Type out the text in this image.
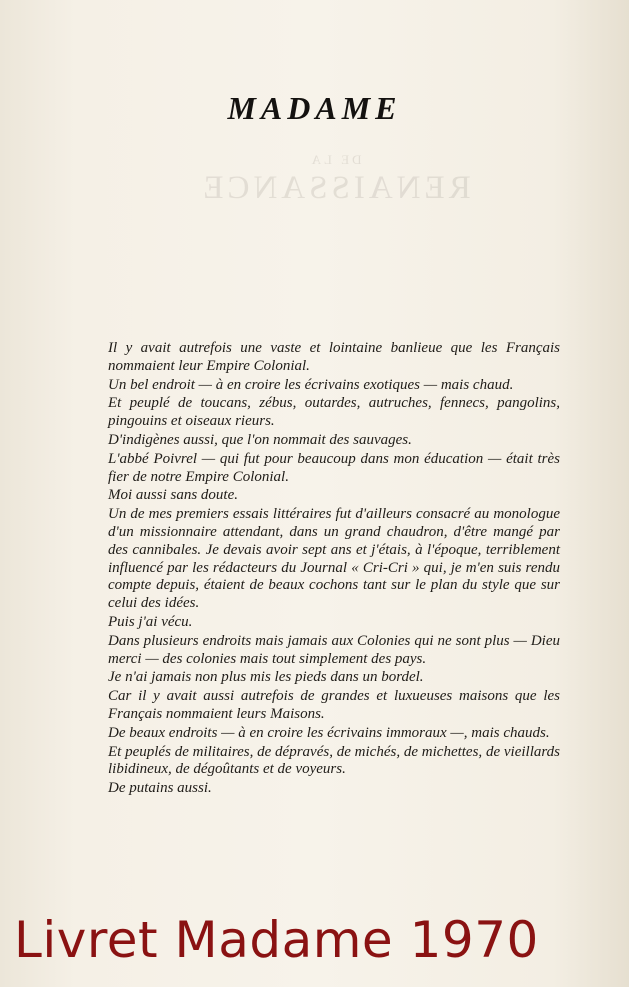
DE LA
RENAISSANCE
MADAME

Il y avait autrefois une vaste et lointaine banlieue que les Français nommaient leur Empire Colonial.

Un bel endroit — à en croire les écrivains exotiques — mais chaud.

Et peuplé de toucans, zébus, outardes, autruches, fennecs, pangolins, pingouins et oiseaux rieurs.

D'indigènes aussi, que l'on nommait des sauvages.

L'abbé Poivrel — qui fut pour beaucoup dans mon éducation — était très fier de notre Empire Colonial.

Moi aussi sans doute.

Un de mes premiers essais littéraires fut d'ailleurs consacré au monologue d'un missionnaire attendant, dans un grand chaudron, d'être mangé par des cannibales. Je devais avoir sept ans et j'étais, à l'époque, terriblement influencé par les rédacteurs du Journal « Cri-Cri » qui, je m'en suis rendu compte depuis, étaient de beaux cochons tant sur le plan du style que sur celui des idées.

Puis j'ai vécu.

Dans plusieurs endroits mais jamais aux Colonies qui ne sont plus — Dieu merci — des colonies mais tout simplement des pays.

Je n'ai jamais non plus mis les pieds dans un bordel.

Car il y avait aussi autrefois de grandes et luxueuses maisons que les Français nommaient leurs Maisons.

De beaux endroits — à en croire les écrivains immoraux —, mais chauds.

Et peuplés de militaires, de dépravés, de michés, de michettes, de vieillards libidineux, de dégoûtants et de voyeurs.

De putains aussi.

Livret Madame 1970
